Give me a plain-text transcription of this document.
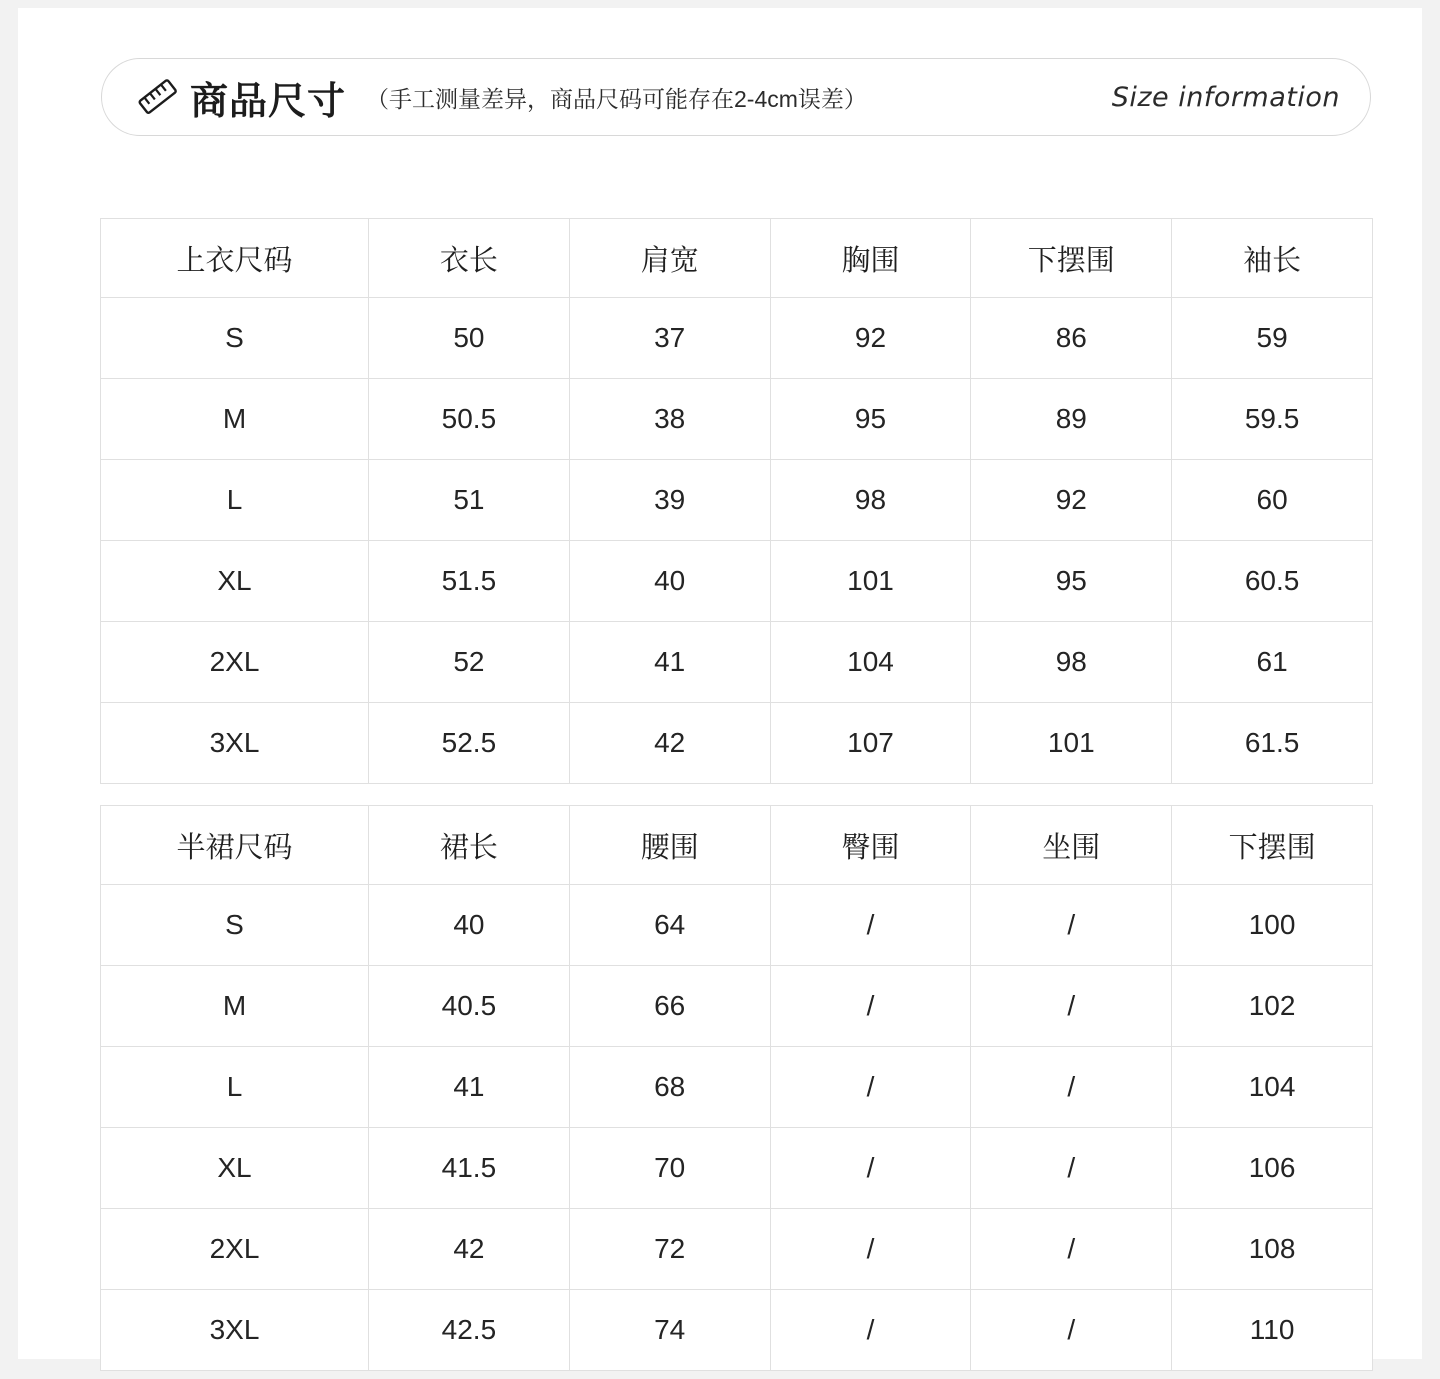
商品尺寸 （手工测量差异，商品尺码可能存在2-4cm误差）	Size information
上衣尺码	衣长	肩宽	胸围	下摆围	袖长
S	50	37	92	86	59
M	50.5	38	95	89	59.5
L	51	39	98	92	60
XL	51.5	40	101	95	60.5
2XL	52	41	104	98	61
3XL	52.5	42	107	101	61.5
半裙尺码	裙长	腰围	臀围	坐围	下摆围
S	40	64	/	/	100
M	40.5	66	/	/	102
L	41	68	/	/	104
XL	41.5	70	/	/	106
2XL	42	72	/	/	108
3XL	42.5	74	/	/	110
